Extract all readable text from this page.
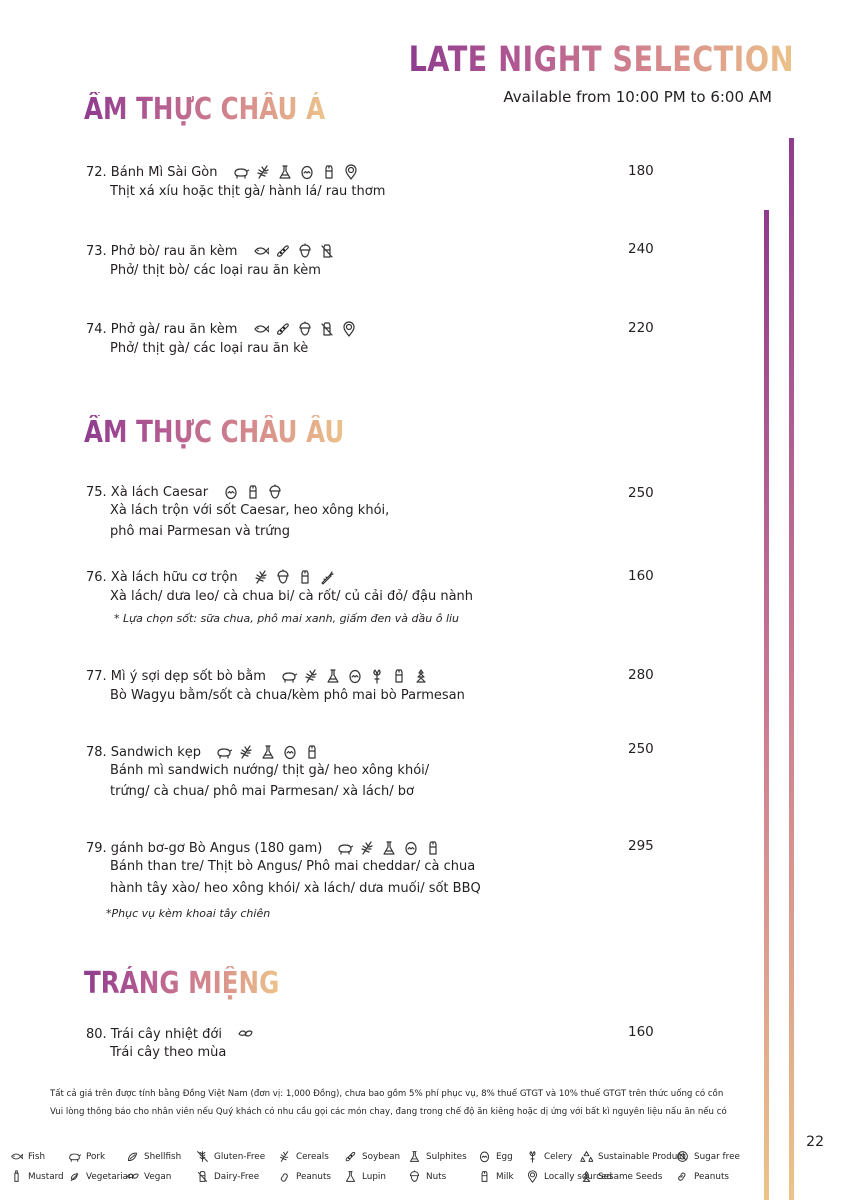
LATE NIGHT SELECTION
Available from 10:00 PM to 6:00 AM
ẨM THỰC CHÂU Á
72. Bánh Mì Sài Gòn
Thịt xá xíu hoặc thịt gà/ hành lá/ rau thơm
180
73. Phở bò/ rau ăn kèm
Phở/ thịt bò/ các loại rau ăn kèm
240
74. Phở gà/ rau ăn kèm
Phở/ thịt gà/ các loại rau ăn kè
220
ẨM THỰC CHÂU ÂU
75. Xà lách Caesar
Xà lách trộn với sốt Caesar, heo xông khói,
phô mai Parmesan và trứng
250
76. Xà lách hữu cơ trộn
Xà lách/ dưa leo/ cà chua bi/ cà rốt/ củ cải đỏ/ đậu nành
* Lựa chọn sốt: sữa chua, phô mai xanh, giấm đen và dầu ô liu
160
77. Mì ý sợi dẹp sốt bò bằm
Bò Wagyu bằm/sốt cà chua/kèm phô mai bò Parmesan
280
78. Sandwich kẹp
Bánh mì sandwich nướng/ thịt gà/ heo xông khói/
trứng/ cà chua/ phô mai Parmesan/ xà lách/ bơ
250
79. ցánh bơ-gơ Bò Angus (180 gam)
Bánh than tre/ Thịt bò Angus/ Phô mai cheddar/ cà chua
hành tây xào/ heo xông khói/ xà lách/ dưa muối/ sốt BBQ
*Phục vụ kèm khoai tây chiên
295
TRÁNG MIỆNG
80. Trái cây nhiệt đới
Trái cây theo mùa
160
Tất cả giá trên được tính bằng Đồng Việt Nam (đơn vị: 1,000 Đồng), chưa bao gồm 5% phí phục vụ, 8% thuế GTGT và 10% thuế GTGT trên thức uống có cồn
Vui lòng thông báo cho nhân viên nếu Quý khách có nhu cầu gọi các món chay, đang trong chế độ ăn kiêng hoặc dị ứng với bất kì nguyên liệu nấu ăn nếu có
22
Fish	Pork	Shellfish	Gluten-Free	Cereals	Soybean	Sulphites	Egg	Celery	Sustainable Product Sugar free
Mustard	Vegetarian Vegan	Dairy-Free	Peanuts	Lupin	Nuts	Milk	Locally sourced
Sesame Seeds	Peanuts
